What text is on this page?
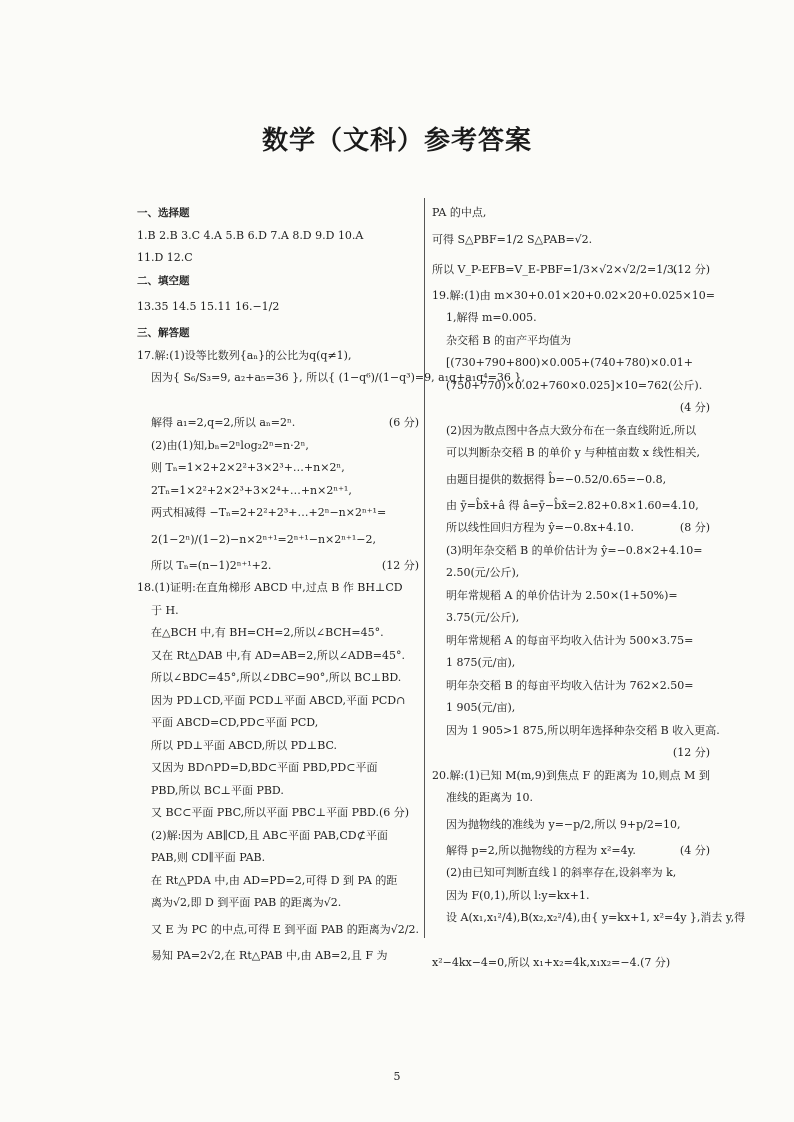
数学（文科）参考答案
一、选择题
1.B 2.B 3.C 4.A 5.B 6.D 7.A 8.D 9.D 10.A
11.D 12.C
二、填空题
13.35 14.5 15.11 16.−1/2
三、解答题
17.解:(1)设等比数列{aₙ}的公比为q(q≠1),
因为{ S₆/S₃=9, a₂+a₅=36 }, 所以{ (1−q⁶)/(1−q³)=9, a₁q+a₁q⁴=36 },
(6 分)
解得 a₁=2,q=2,所以 aₙ=2ⁿ.
(2)由(1)知,bₙ=2ⁿlog₂2ⁿ=n·2ⁿ,
则 Tₙ=1×2+2×2²+3×2³+…+n×2ⁿ,
2Tₙ=1×2²+2×2³+3×2⁴+…+n×2ⁿ⁺¹,
两式相减得 −Tₙ=2+2²+2³+…+2ⁿ−n×2ⁿ⁺¹=
2(1−2ⁿ)/(1−2)−n×2ⁿ⁺¹=2ⁿ⁺¹−n×2ⁿ⁺¹−2,
(12 分)
所以 Tₙ=(n−1)2ⁿ⁺¹+2.
18.(1)证明:在直角梯形 ABCD 中,过点 B 作 BH⊥CD
于 H.
在△BCH 中,有 BH=CH=2,所以∠BCH=45°.
又在 Rt△DAB 中,有 AD=AB=2,所以∠ADB=45°.
所以∠BDC=45°,所以∠DBC=90°,所以 BC⊥BD.
因为 PD⊥CD,平面 PCD⊥平面 ABCD,平面 PCD∩
平面 ABCD=CD,PD⊂平面 PCD,
所以 PD⊥平面 ABCD,所以 PD⊥BC.
又因为 BD∩PD=D,BD⊂平面 PBD,PD⊂平面
PBD,所以 BC⊥平面 PBD.
又 BC⊂平面 PBC,所以平面 PBC⊥平面 PBD.(6 分)
(2)解:因为 AB∥CD,且 AB⊂平面 PAB,CD⊄平面
PAB,则 CD∥平面 PAB.
在 Rt△PDA 中,由 AD=PD=2,可得 D 到 PA 的距
离为√2,即 D 到平面 PAB 的距离为√2.
又 E 为 PC 的中点,可得 E 到平面 PAB 的距离为√2/2.
易知 PA=2√2,在 Rt△PAB 中,由 AB=2,且 F 为
PA 的中点,
可得 S△PBF=1/2 S△PAB=√2.
(12 分)
所以 V_P-EFB=V_E-PBF=1/3×√2×√2/2=1/3.
19.解:(1)由 m×30+0.01×20+0.02×20+0.025×10=
1,解得 m=0.005.
杂交稻 B 的亩产平均值为
[(730+790+800)×0.005+(740+780)×0.01+
(750+770)×0.02+760×0.025]×10=762(公斤).
(4 分)
(2)因为散点图中各点大致分布在一条直线附近,所以
可以判断杂交稻 B 的单价 y 与种植亩数 x 线性相关,
由题目提供的数据得 b̂=−0.52/0.65=−0.8,
由 ȳ=b̂x̄+â 得 â=ȳ−b̂x̄=2.82+0.8×1.60=4.10,
(8 分)
所以线性回归方程为 ŷ=−0.8x+4.10.
(3)明年杂交稻 B 的单价估计为 ŷ=−0.8×2+4.10=
2.50(元/公斤),
明年常规稻 A 的单价估计为 2.50×(1+50%)=
3.75(元/公斤),
明年常规稻 A 的每亩平均收入估计为 500×3.75=
1 875(元/亩),
明年杂交稻 B 的每亩平均收入估计为 762×2.50=
1 905(元/亩),
因为 1 905>1 875,所以明年选择种杂交稻 B 收入更高.
(12 分)
20.解:(1)已知 M(m,9)到焦点 F 的距离为 10,则点 M 到
准线的距离为 10.
因为抛物线的准线为 y=−p/2,所以 9+p/2=10,
(4 分)
解得 p=2,所以抛物线的方程为 x²=4y.
(2)由已知可判断直线 l 的斜率存在,设斜率为 k,
因为 F(0,1),所以 l:y=kx+1.
设 A(x₁,x₁²/4),B(x₂,x₂²/4),由{ y=kx+1, x²=4y },消去 y,得
x²−4kx−4=0,所以 x₁+x₂=4k,x₁x₂=−4.(7 分)
5
